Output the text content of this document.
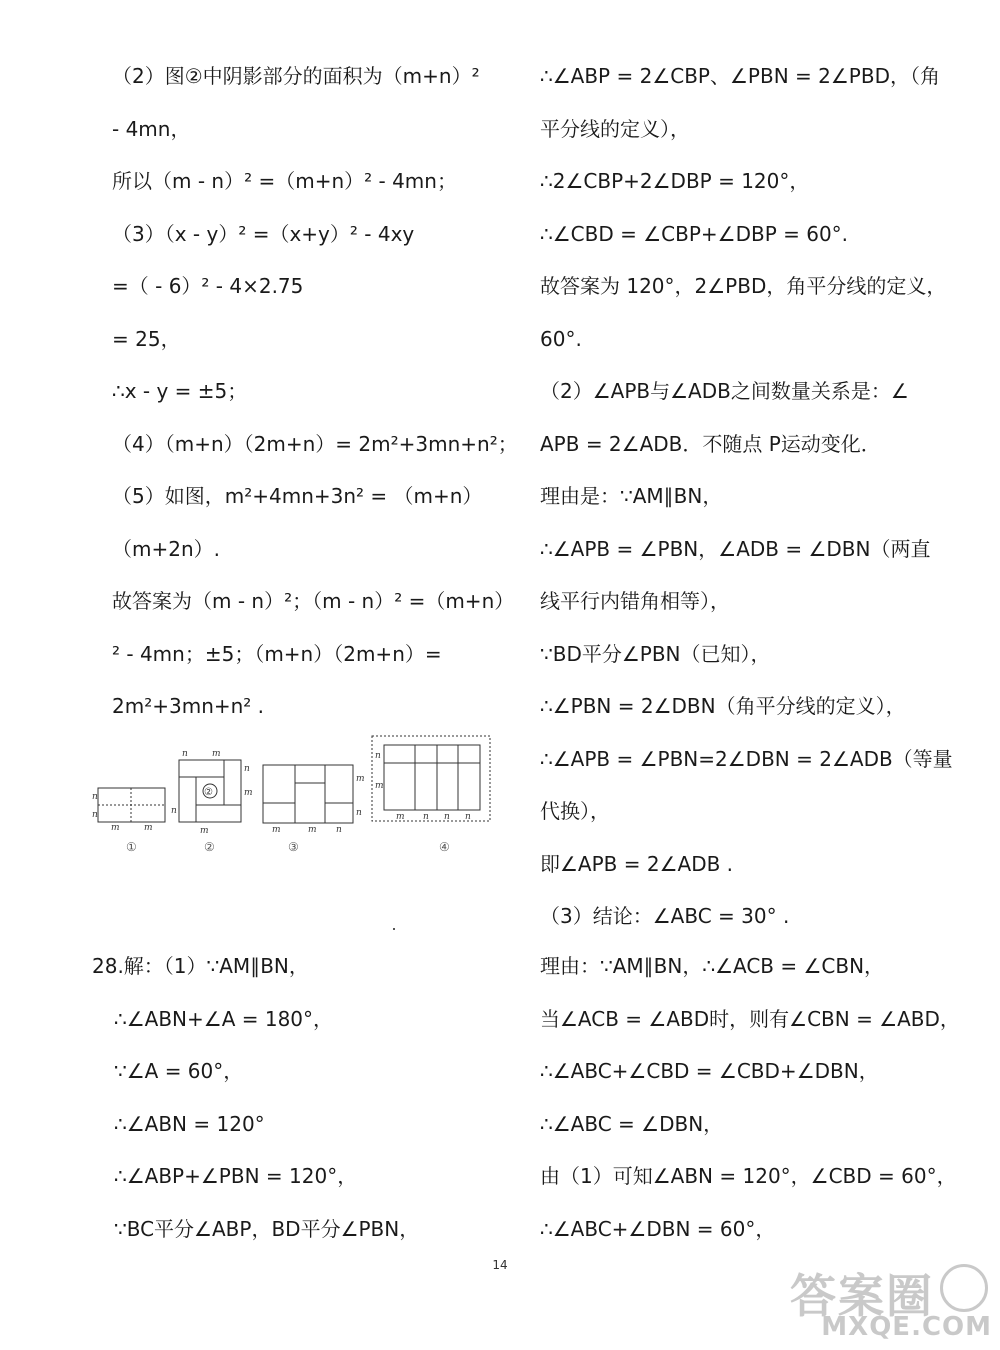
（2）图②中阴影部分的面积为（m+n）²
- 4mn，
所以（m - n）² =（m+n）² - 4mn；
（3）（x - y）² =（x+y）² - 4xy
=（ - 6）² - 4×2.75
= 25，
∴x - y = ±5；
（4）（m+n）（2m+n）= 2m²+3mn+n²；
（5）如图，m²+4mn+3n² = （m+n）
（m+2n）.
故答案为（m - n）²；（m - n）² =（m+n）
² - 4mn；±5；（m+n）（2m+n）=
2m²+3mn+n² .
∴∠ABP = 2∠CBP、∠PBN = 2∠PBD，（角
平分线的定义），
∴2∠CBP+2∠DBP = 120°，
∴∠CBD = ∠CBP+∠DBP = 60°.
故答案为 120°，2∠PBD，角平分线的定义，
60°.
（2）∠APB与∠ADB之间数量关系是：∠
APB = 2∠ADB．不随点 P运动变化．
理由是：∵AM∥BN，
∴∠APB = ∠PBN，∠ADB = ∠DBN（两直
线平行内错角相等），
∵BD平分∠PBN（已知），
∴∠PBN = 2∠DBN（角平分线的定义），
∴∠APB = ∠PBN=2∠DBN = 2∠ADB（等量
代换），
即∠APB = 2∠ADB .
（3）结论：∠ABC = 30° .
n
n
m	m
n	m
n
m
n
m
②
m
n
m	m n
n
m
m n n n
①	②	③	④
28.解：（1）∵AM∥BN，
∴∠ABN+∠A = 180°，
∵∠A = 60°，
∴∠ABN = 120°
∴∠ABP+∠PBN = 120°，
∵BC平分∠ABP，BD平分∠PBN，
理由：∵AM∥BN，∴∠ACB = ∠CBN，
当∠ACB = ∠ABD时，则有∠CBN = ∠ABD，
∴∠ABC+∠CBD = ∠CBD+∠DBN，
∴∠ABC = ∠DBN，
由（1）可知∠ABN = 120°，∠CBD = 60°，
∴∠ABC+∠DBN = 60°，
14
答案圈
MXQE.COM
